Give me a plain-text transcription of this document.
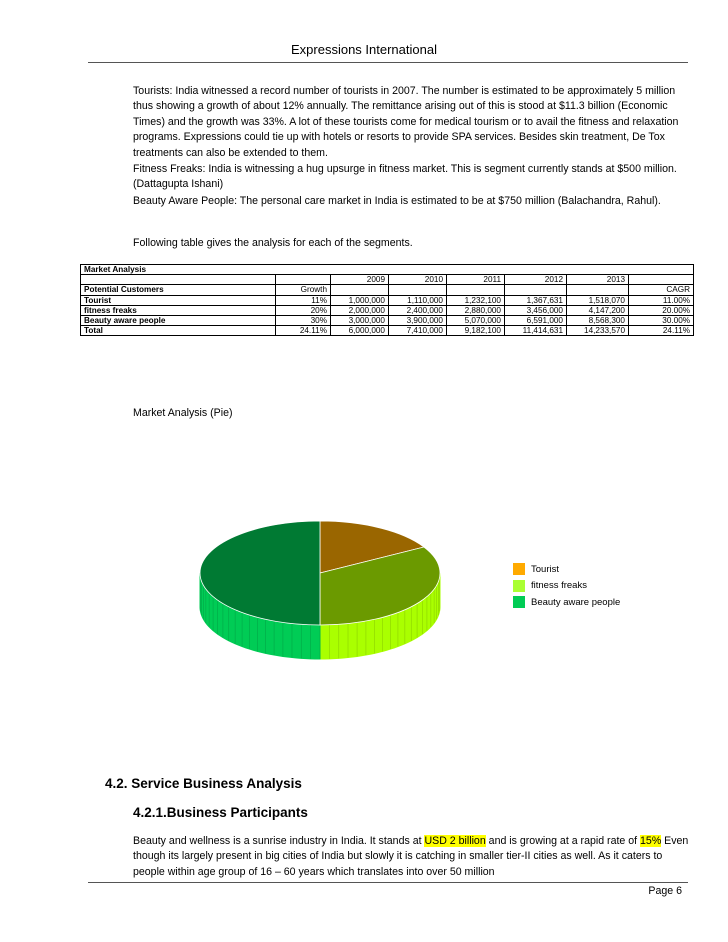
Expressions International
Tourists: India witnessed a record number of tourists in 2007. The number is estimated to be approximately 5 million thus showing a growth of about 12% annually. The remittance arising out of this is stood at $11.3 billion (Economic Times) and the growth was 33%. A lot of these tourists come for medical tourism or to avail the fitness and relaxation programs. Expressions could tie up with hotels or resorts to provide SPA services. Besides skin treatment, De Tox treatments can also be extended to them.
Fitness Freaks: India is witnessing a hug upsurge in fitness market. This is segment currently stands at $500 million. (Dattagupta Ishani)
Beauty Aware People: The personal care market in India is estimated to be at $750 million (Balachandra, Rahul).
Following table gives the analysis for each of the segments.
Market Analysis							
		2009	2010	2011	2012	2013	
Potential Customers	Growth						CAGR
Tourist	11%	1,000,000	1,110,000	1,232,100	1,367,631	1,518,070	11.00%
fitness freaks	20%	2,000,000	2,400,000	2,880,000	3,456,000	4,147,200	20.00%
Beauty aware people	30%	3,000,000	3,900,000	5,070,000	6,591,000	8,568,300	30.00%
Total	24.11%	6,000,000	7,410,000	9,182,100	11,414,631	14,233,570	24.11%
Market Analysis (Pie)
Tourist
fitness freaks
Beauty aware people
4.2. Service Business Analysis
4.2.1.Business Participants
Beauty and wellness is a sunrise industry in India. It stands at USD 2 billion and is growing at a rapid rate of 15% Even though its largely present in big cities of India but slowly it is catching in smaller tier-II cities as well. As it caters to people within age group of 16 – 60 years which translates into over 50 million
Page 6
